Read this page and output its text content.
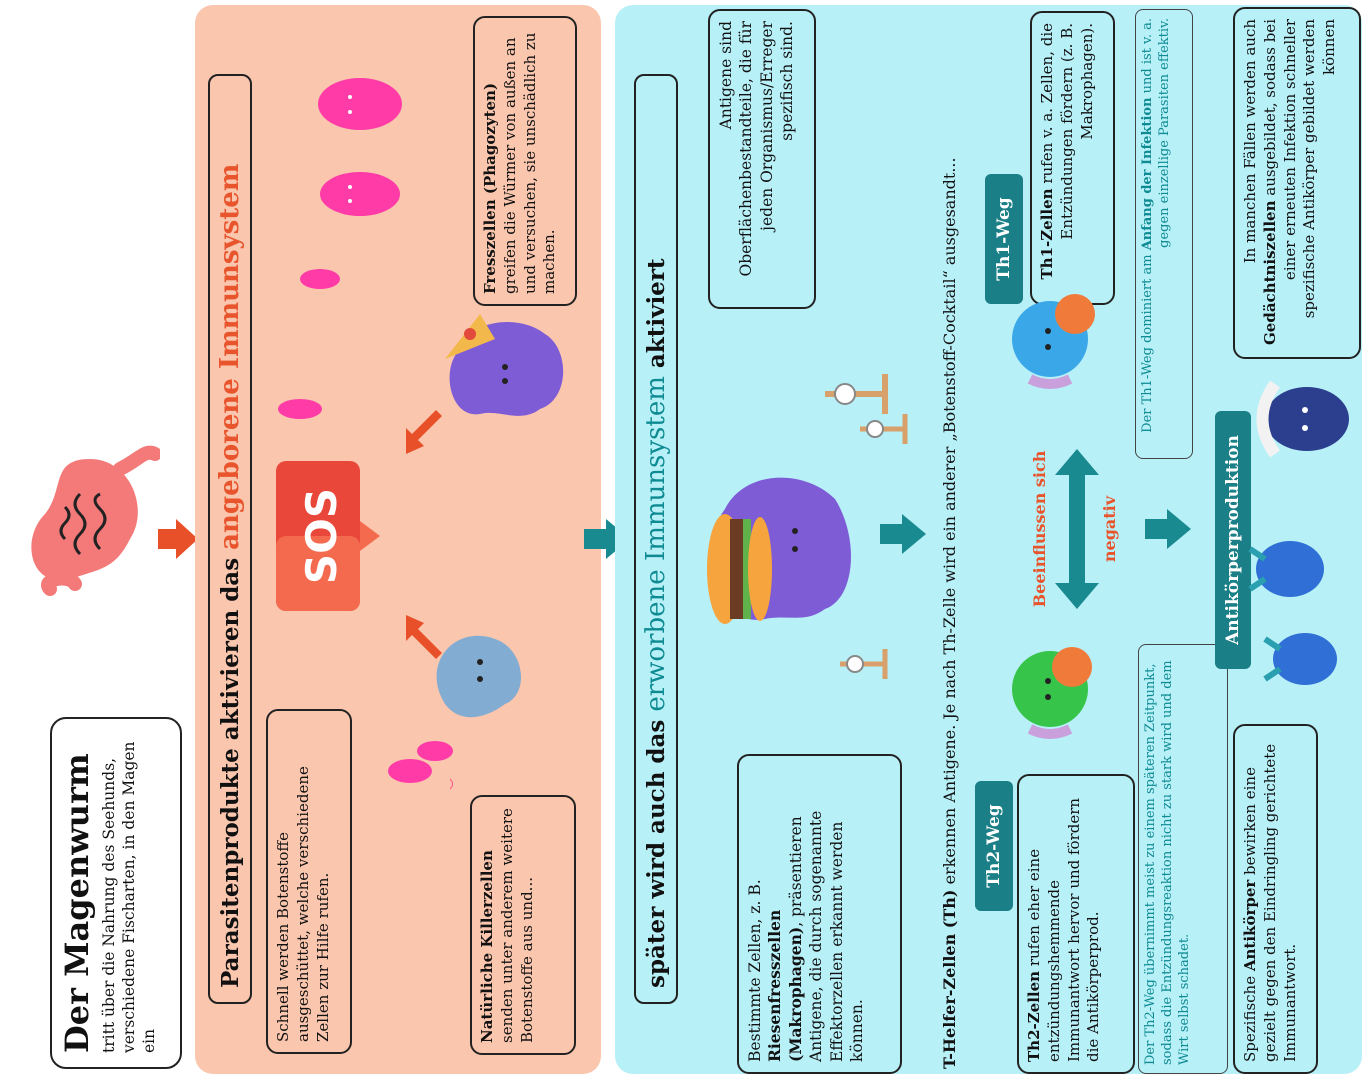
Der Magenwurm tritt über die Nahrung des Seehunds, verschiedene Fischarten, in den Magen ein
Parasitenprodukte aktivieren das angeborene Immunsystem
Schnell werden Botenstoffe ausgeschüttet, welche verschiedene Zellen zur Hilfe rufen.	Natürliche Killerzellen senden unter anderem weitere Botenstoffe aus und...
Fresszellen (Phagozyten) greifen die Würmer von außen an und versuchen, sie unschädlich zu machen.
SOS
später wird auch das erworbene Immunsystem aktiviert
Bestimmte Zellen, z. B. Riesenfresszellen (Makrophagen), präsentieren Antigene, die durch sogenannte Effektorzellen erkannt werden können.
Antigene sind Oberflächenbestandteile, die für jeden Organismus/Erreger spezifisch sind.
T-Helfer-Zellen (Th) erkennen Antigene. Je nach Th-Zelle wird ein anderer „Botenstoff-Cocktail“ ausgesandt...	Th2-Weg
Th2-Zellen rufen eher eine entzündungshemmende Immunantwort hervor und fördern die Antikörperprod.	Der Th2-Weg übernimmt meist zu einem späteren Zeitpunkt, sodass die Entzündungsreaktion nicht zu stark wird und dem Wirt selbst schadet.
Th1-Weg	Th1-Zellen rufen v. a. Zellen, die Entzündungen fördern (z. B. Makrophagen).
Der Th1-Weg dominiert am Anfang der Infektion und ist v. a. gegen einzellige Parasiten effektiv.
Beeinflussen sich	negativ	Antikörperproduktion
Spezifische Antikörper bewirken eine gezielt gegen den Eindringling gerichtete Immunantwort.
In manchen Fällen werden auch Gedächtniszellen ausgebildet, sodass bei einer erneuten Infektion schneller spezifische Antikörper gebildet werden können
